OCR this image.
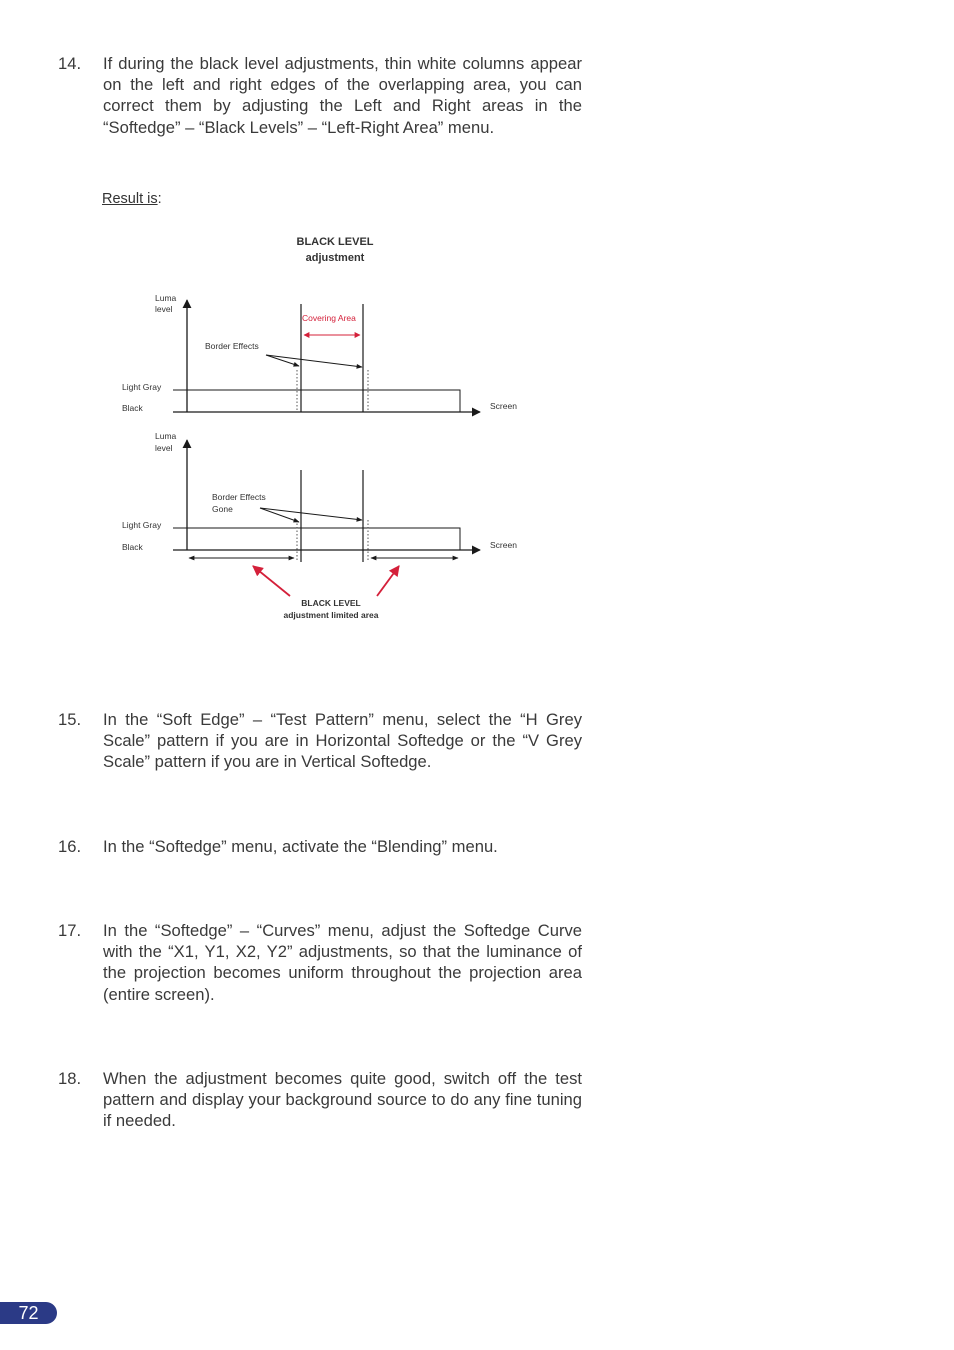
14. If during the black level adjustments, thin white columns appear on the left and right edges of the overlapping area, you can correct them by adjusting the Left and Right areas in the “Softedge” – “Black Levels” – “Left-Right Area” menu.
Result is:
BLACK LEVEL
adjustment
Luma
level
Covering Area
Border Effects
Light Gray
Black	Screen
Luma
level
Border Effects
Gone
Light Gray
Black	Screen
BLACK LEVEL
adjustment limited area
15. In the “Soft Edge” – “Test Pattern” menu, select the “H Grey Scale” pattern if you are in Horizontal Softedge or the “V Grey Scale” pattern if you are in Vertical Softedge.
16. In the “Softedge” menu, activate the “Blending” menu.
17. In the “Softedge” – “Curves” menu, adjust the Softedge Curve with the “X1, Y1, X2, Y2” adjustments, so that the luminance of the projection becomes uniform throughout the projection area (entire screen).
18. When the adjustment becomes quite good, switch off the test pattern and display your background source to do any fine tuning if needed.
72
